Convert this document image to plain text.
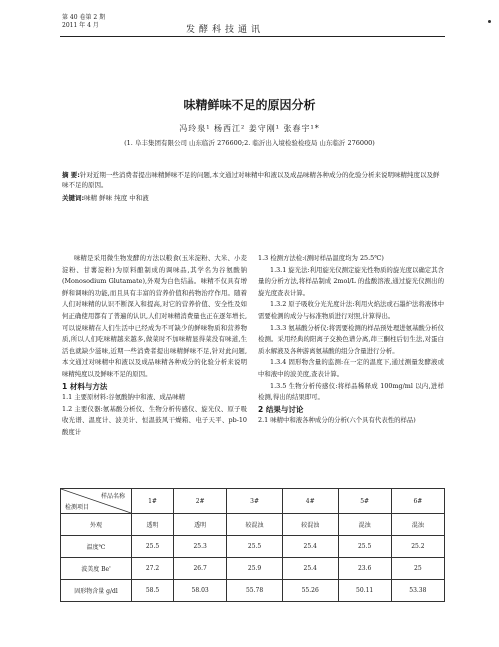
第 40 卷第 2 期
2011 年 4 月	发酵科技通讯
味精鲜味不足的原因分析
冯玲泉¹ 杨西江² 姜守刚¹ 张春宇¹*
(1. 阜丰集团有限公司 山东临沂 276600;2. 临沂出入境检验检疫局 山东临沂 276000)
摘 要:针对近期一些消费者提出味精鲜味不足的问题,本文通过对味精中和液以及成品味精各种成分的化验分析来说明味精纯度以及鲜味不足的原因。
关键词:味精 鲜味 纯度 中和液

味精是采用微生物发酵的方法以粮食(玉米淀粉、大米、小麦淀粉、甘薯淀粉)为原料酿制成的调味品,其学名为谷氨酸钠(Monosodium Glutamate),外观为白色结晶。味精不仅具有增鲜和调味的功能,而且具有丰富的营养价值和药物治疗作用。随着人们对味精的认识不断深入和提高,对它的营养价值、安全性及如何正确使用都有了普遍的认识,人们对味精消费量也正在逐年增长,可以说味精在人们生活中已经成为不可缺少的鲜味物质和营养物质,所以人们吃味精越来越多,做菜时不加味精显得菜没有味道,生活也就缺少滋味,近期一些消费者提出味精鲜味不足,针对此问题,本文通过对味精中和液以及成品味精各种成分的化验分析来说明味精纯度以及鲜味不足的原因。

1 材料与方法

1.1 主要原材料:谷氨酸钠中和液、成品味精

1.2 主要仪器:氨基酸分析仪、生物分析传感仪、旋光仪、原子吸收光谱、温度计、波美计、恒温鼓风干燥箱、电子天平、pb-10 酸度计

1.3 检测方法检:(测时样品温度均为 25.5℃)

1.3.1 旋光法:利用旋光仪测定旋光性物质的旋光度以确定其含量的分析方法,将样品制成 2mol/L 的盐酸溶液,通过旋光仪测出的旋光度查表计算。

1.3.2 原子吸收分光光度计法:利用火焰法或石墨炉法将液体中需要检测的成分与标准物质进行对照,计算得出。

1.3.3 氨基酸分析仪:将需要检测的样品预处理进氨基酸分析仪检测。采用经典的阳离子交换色谱分离,茚三酮柱后衍生法,对蛋白质水解液及各种游离氨基酸的组分含量进行分析。

1.3.4 固形物含量的监测:在一定的温度下,通过测量发酵液或中和液中的波美度,查表计算。

1.3.5 生物分析传感仪:将样品稀释成 100mg/ml 以内,进样检测,得出的结果即可。

2 结果与讨论

2.1 味精中和液各种成分的分析(六个具有代表性的样品)

样品名称
检测项目	1#	2#	3#	4#	5#	6#
外观	透明	透明	较混浊	较混浊	混浊	混浊
温度℃	25.5	25.3	25.5	25.4	25.5	25.2
波美度 Be'	27.2	26.7	25.9	25.4	23.6	25
固形物含量 g/dl	58.5	58.03	55.78	55.26	50.11	53.38
